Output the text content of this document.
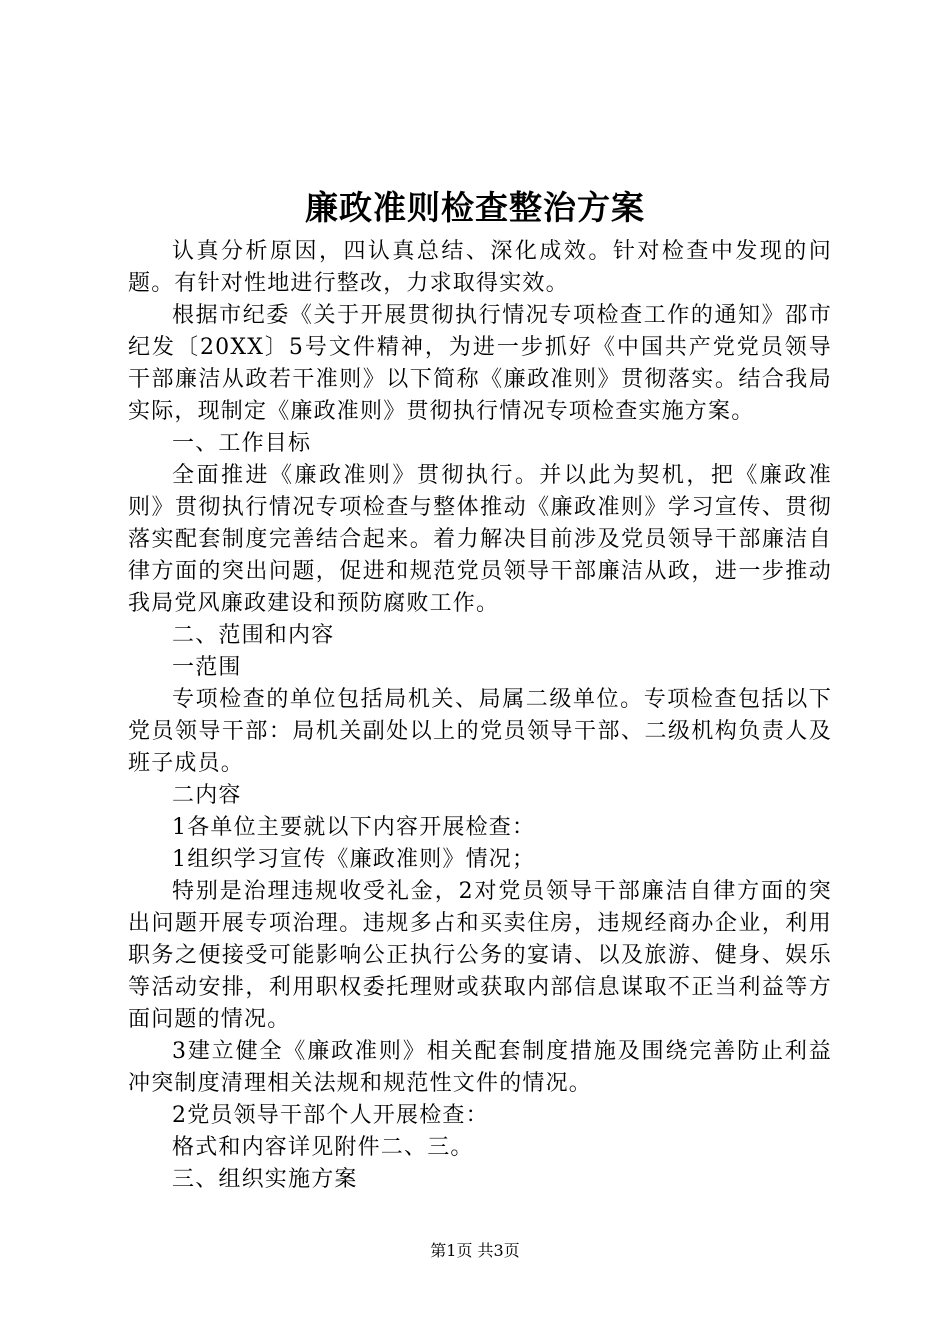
廉政准则检查整治方案

认真分析原因，四认真总结、深化成效。针对检查中发现的问题。有针对性地进行整改，力求取得实效。

根据市纪委《关于开展贯彻执行情况专项检查工作的通知》邵市纪发〔20XX〕5号文件精神，为进一步抓好《中国共产党党员领导干部廉洁从政若干准则》以下简称《廉政准则》贯彻落实。结合我局实际，现制定《廉政准则》贯彻执行情况专项检查实施方案。

一、工作目标

全面推进《廉政准则》贯彻执行。并以此为契机，把《廉政准则》贯彻执行情况专项检查与整体推动《廉政准则》学习宣传、贯彻落实配套制度完善结合起来。着力解决目前涉及党员领导干部廉洁自律方面的突出问题，促进和规范党员领导干部廉洁从政，进一步推动我局党风廉政建设和预防腐败工作。

二、范围和内容

一范围

专项检查的单位包括局机关、局属二级单位。专项检查包括以下党员领导干部：局机关副处以上的党员领导干部、二级机构负责人及班子成员。

二内容

1各单位主要就以下内容开展检查：

1组织学习宣传《廉政准则》情况；

特别是治理违规收受礼金，2对党员领导干部廉洁自律方面的突出问题开展专项治理。违规多占和买卖住房，违规经商办企业，利用职务之便接受可能影响公正执行公务的宴请、以及旅游、健身、娱乐等活动安排，利用职权委托理财或获取内部信息谋取不正当利益等方面问题的情况。

3建立健全《廉政准则》相关配套制度措施及围绕完善防止利益冲突制度清理相关法规和规范性文件的情况。

2党员领导干部个人开展检查：

格式和内容详见附件二、三。

三、组织实施方案

第1页 共3页
